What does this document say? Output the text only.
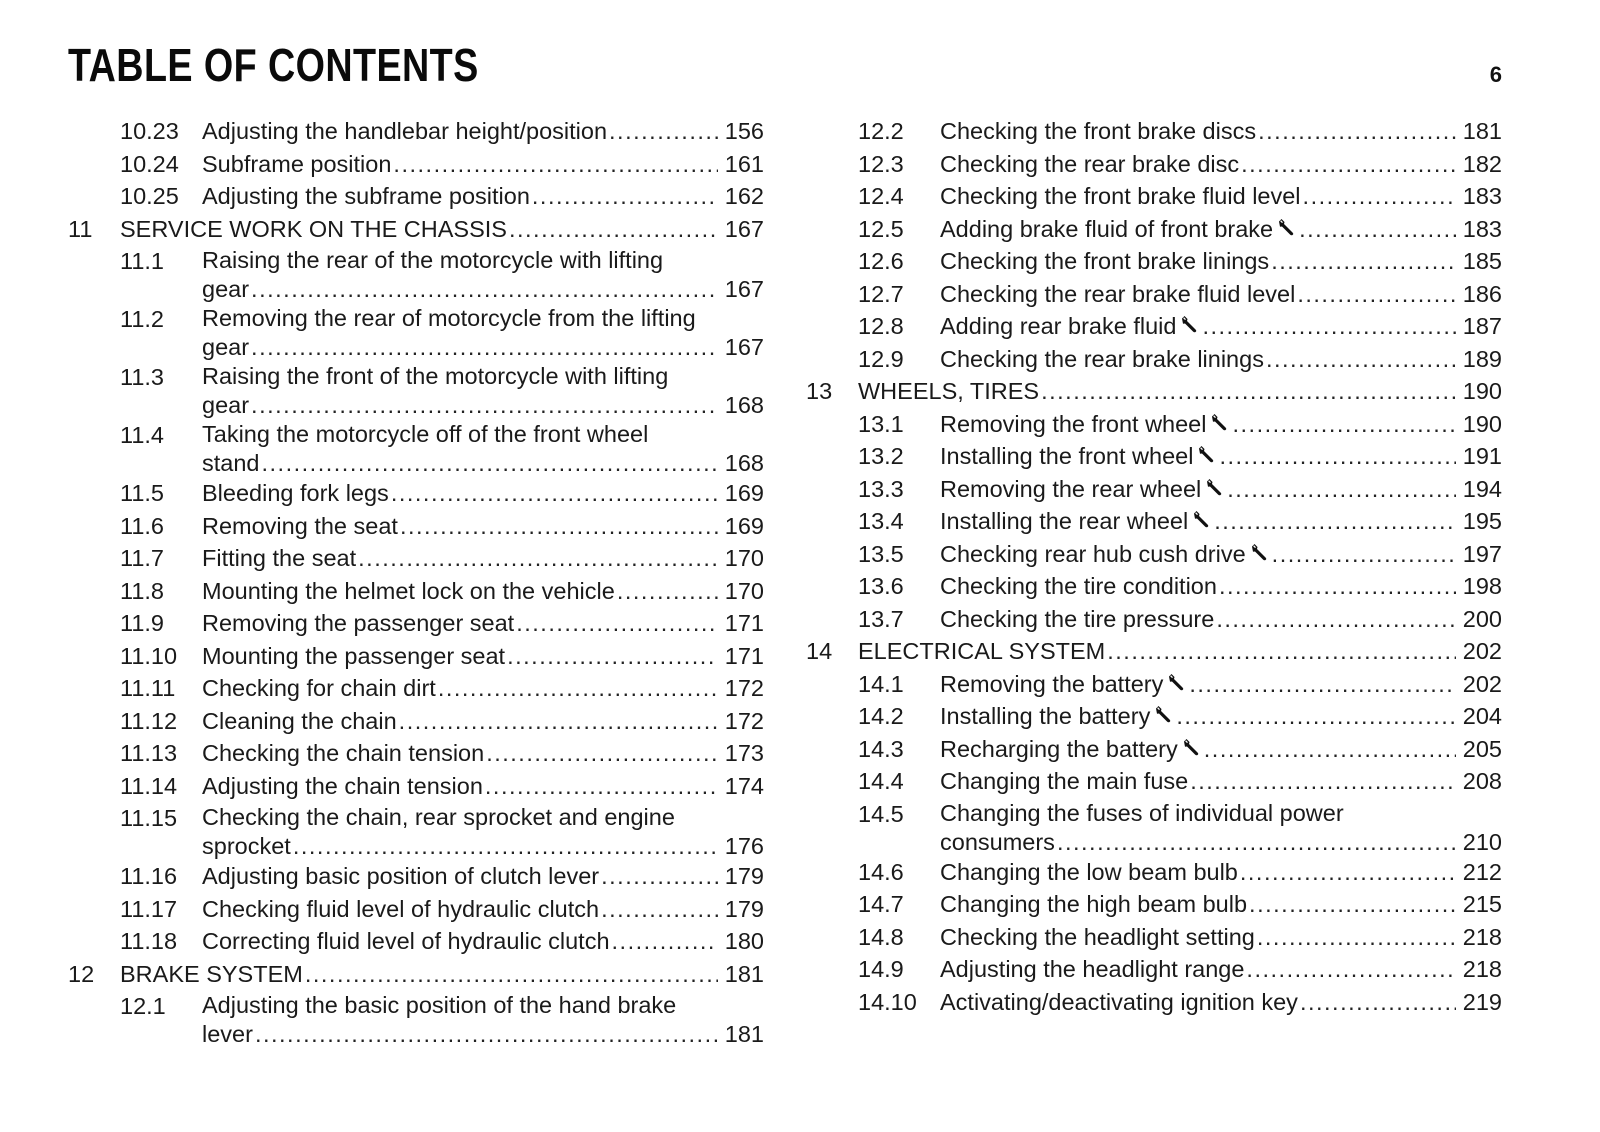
TABLE OF CONTENTS	6
10.23 Adjusting the handlebar height/position .....	156
10.24 Subframe position .....	161
10.25 Adjusting the subframe position .....	162
11	SERVICE WORK ON THE CHASSIS .....	167
11.1	Raising the rear of the motorcycle with lifting
gear .....	167
11.2	Removing the rear of motorcycle from the lifting
gear .....	167
11.3	Raising the front of the motorcycle with lifting
gear .....	168
11.4	Taking the motorcycle off of the front wheel
stand .....	168
11.5	Bleeding fork legs .....	169
11.6	Removing the seat .....	169
11.7	Fitting the seat .....	170
11.8	Mounting the helmet lock on the vehicle .....	170
11.9	Removing the passenger seat .....	171
11.10	Mounting the passenger seat .....	171
11.11	Checking for chain dirt .....	172
11.12	Cleaning the chain .....	172
11.13	Checking the chain tension .....	173
11.14	Adjusting the chain tension .....	174
11.15	Checking the chain, rear sprocket and engine
sprocket .....	176
11.16	Adjusting basic position of clutch lever .....	179
11.17	Checking fluid level of hydraulic clutch .....	179
11.18	Correcting fluid level of hydraulic clutch .....	180
12	BRAKE SYSTEM .....	181
12.1	Adjusting the basic position of the hand brake
lever .....	181
12.2	Checking the front brake discs .....	181
12.3	Checking the rear brake disc .....	182
12.4	Checking the front brake fluid level .....	183
12.5	Adding brake fluid of front brake .....	183
12.6	Checking the front brake linings .....	185
12.7	Checking the rear brake fluid level .....	186
12.8	Adding rear brake fluid .....	187
12.9	Checking the rear brake linings .....	189
13	WHEELS, TIRES .....	190
13.1	Removing the front wheel .....	190
13.2	Installing the front wheel .....	191
13.3	Removing the rear wheel .....	194
13.4	Installing the rear wheel .....	195
13.5	Checking rear hub cush drive .....	197
13.6	Checking the tire condition .....	198
13.7	Checking the tire pressure .....	200
14	ELECTRICAL SYSTEM .....	202
14.1	Removing the battery .....	202
14.2	Installing the battery .....	204
14.3	Recharging the battery .....	205
14.4	Changing the main fuse .....	208
14.5	Changing the fuses of individual power
consumers .....	210
14.6	Changing the low beam bulb .....	212
14.7	Changing the high beam bulb .....	215
14.8	Checking the headlight setting .....	218
14.9	Adjusting the headlight range .....	218
14.10 Activating/deactivating ignition key .....	219
